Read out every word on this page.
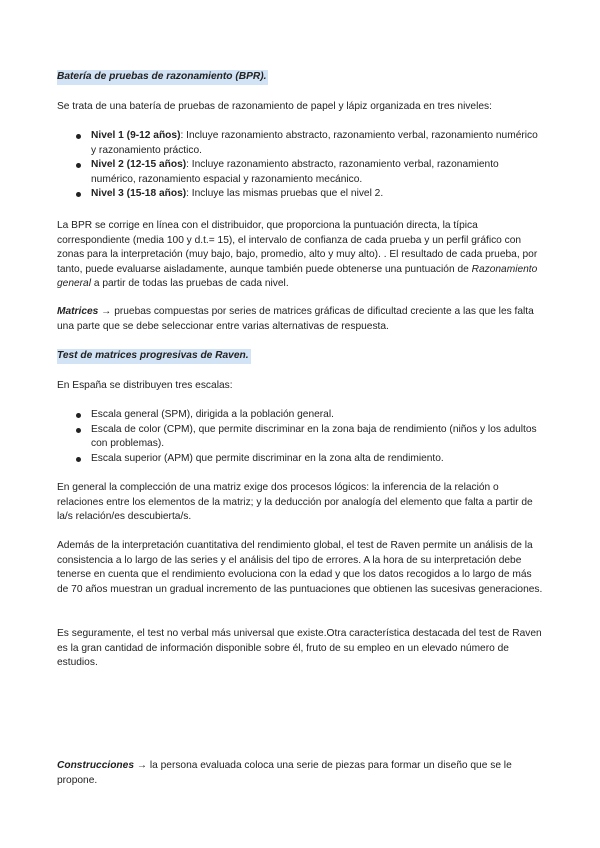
Batería de pruebas de razonamiento (BPR).

Se trata de una batería de pruebas de razonamiento de papel y lápiz organizada en tres niveles:

Nivel 1 (9-12 años): Incluye razonamiento abstracto, razonamiento verbal, razonamiento numérico y razonamiento práctico.
Nivel 2 (12-15 años): Incluye razonamiento abstracto, razonamiento verbal, razonamiento numérico, razonamiento espacial y razonamiento mecánico.
Nivel 3 (15-18 años): Incluye las mismas pruebas que el nivel 2.

La BPR se corrige en línea con el distribuidor, que proporciona la puntuación directa, la típica correspondiente (media 100 y d.t.= 15), el intervalo de confianza de cada prueba y un perfil gráfico con zonas para la interpretación (muy bajo, bajo, promedio, alto y muy alto). . El resultado de cada prueba, por tanto, puede evaluarse aisladamente, aunque también puede obtenerse una puntuación de Razonamiento general a partir de todas las pruebas de cada nivel.

Matrices → pruebas compuestas por series de matrices gráficas de dificultad creciente a las que les falta una parte que se debe seleccionar entre varias alternativas de respuesta.

Test de matrices progresivas de Raven.

En España se distribuyen tres escalas:

Escala general (SPM), dirigida a la población general.
Escala de color (CPM), que permite discriminar en la zona baja de rendimiento (niños y los adultos con problemas).
Escala superior (APM) que permite discriminar en la zona alta de rendimiento.

En general la complección de una matriz exige dos procesos lógicos: la inferencia de la relación o relaciones entre los elementos de la matriz; y la deducción por analogía del elemento que falta a partir de la/s relación/es descubierta/s.

Además de la interpretación cuantitativa del rendimiento global, el test de Raven permite un análisis de la consistencia a lo largo de las series y el análisis del tipo de errores. A la hora de su interpretación debe tenerse en cuenta que el rendimiento evoluciona con la edad y que los datos recogidos a lo largo de más de 70 años muestran un gradual incremento de las puntuaciones que obtienen las sucesivas generaciones.

Es seguramente, el test no verbal más universal que existe.Otra característica destacada del test de Raven es la gran cantidad de información disponible sobre él, fruto de su empleo en un elevado número de estudios.

Construcciones → la persona evaluada coloca una serie de piezas para formar un diseño que se le propone.
